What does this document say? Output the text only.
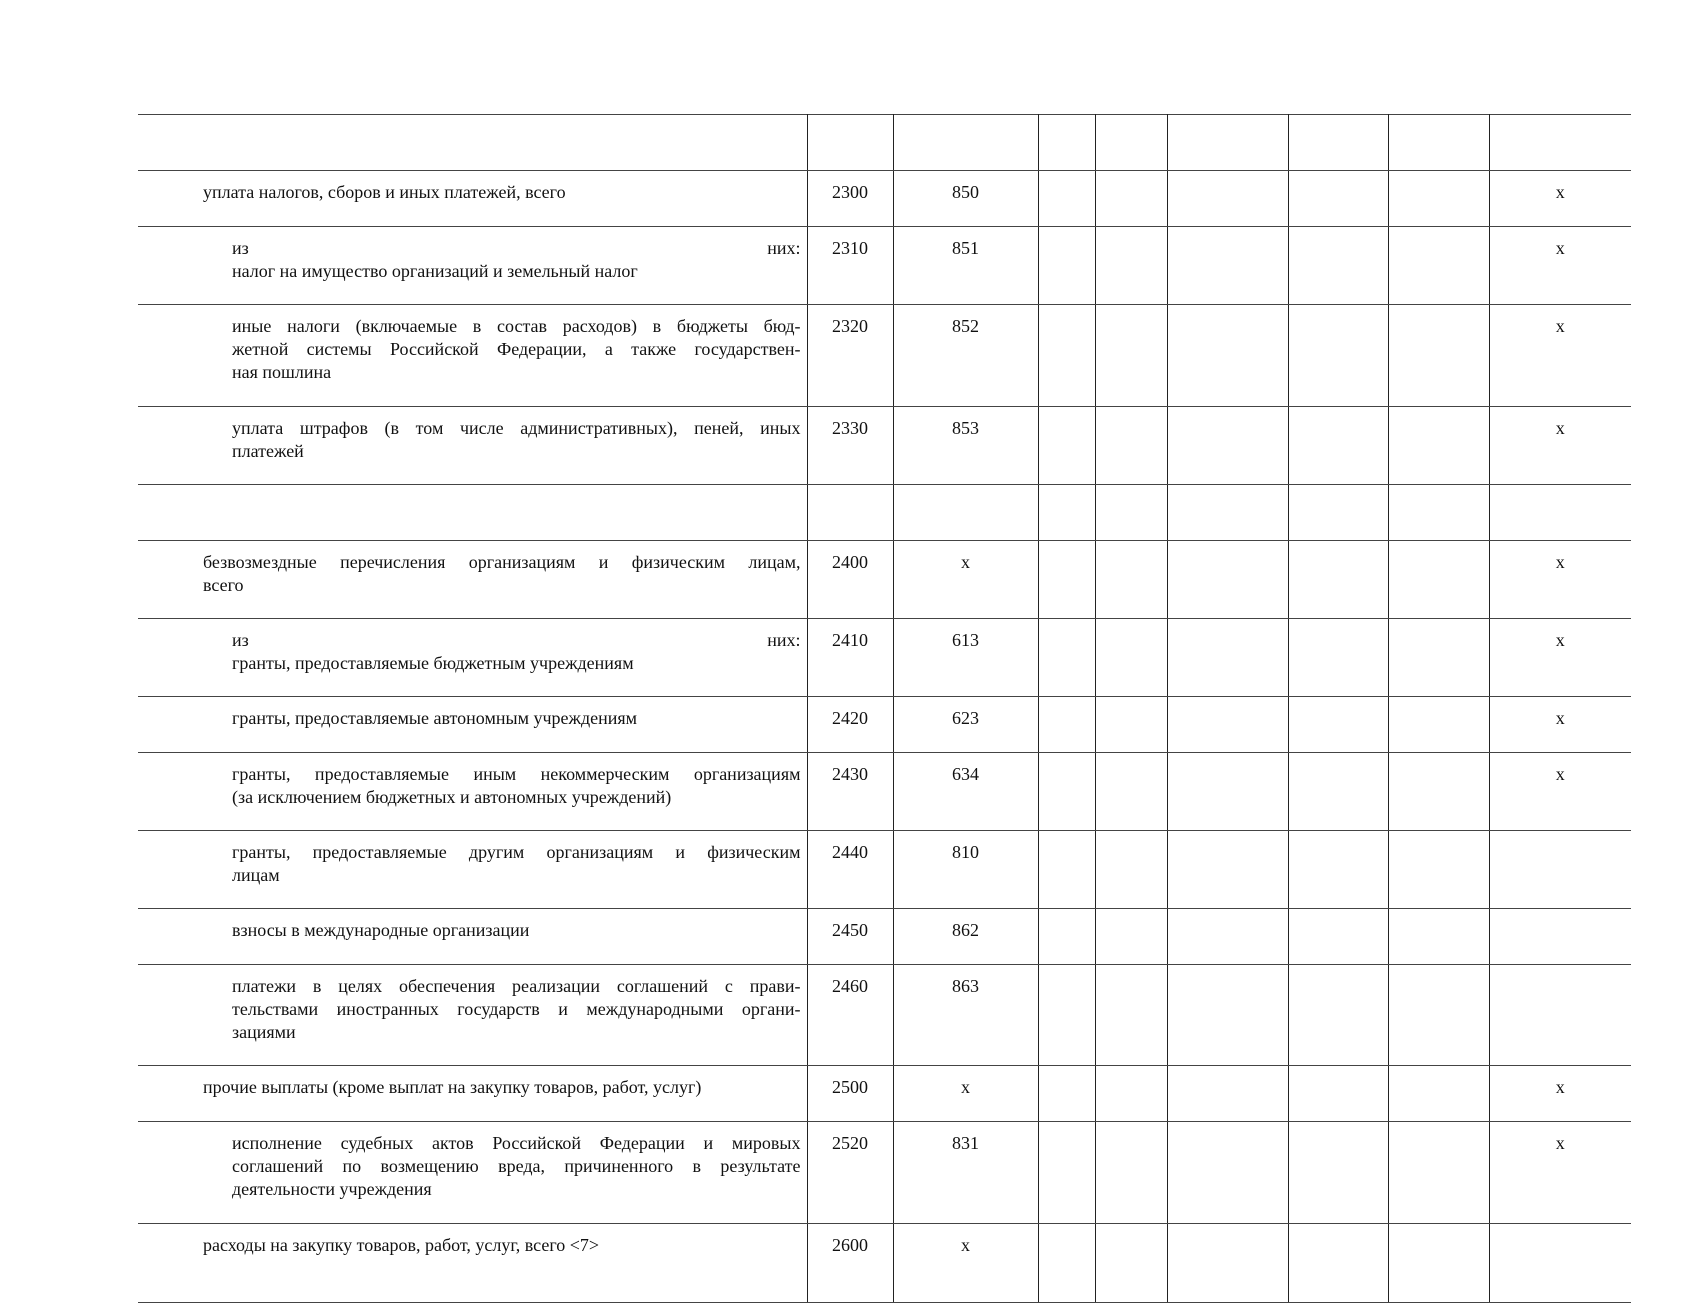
уплата налогов, сборов и иных платежей, всего	2300	850						x

из них:
налог на имущество организаций и земельный налог	2310	851						x

иные налоги (включаемые в состав расходов) в бюджеты бюд-
жетной системы Российской Федерации, а также государствен-
ная пошлина	2320	852						x

уплата штрафов (в том числе административных), пеней, иных
платежей	2330	853						x

безвозмездные перечисления организациям и физическим лицам,
всего	2400	x						x

из них:
гранты, предоставляемые бюджетным учреждениям	2410	613						x

гранты, предоставляемые автономным учреждениям	2420	623						x

гранты, предоставляемые иным некоммерческим организациям
(за исключением бюджетных и автономных учреждений)	2430	634						x

гранты, предоставляемые другим организациям и физическим
лицам	2440	810						

взносы в международные организации	2450	862						

платежи в целях обеспечения реализации соглашений с прави-
тельствами иностранных государств и международными органи-
зациями	2460	863						

прочие выплаты (кроме выплат на закупку товаров, работ, услуг)	2500	x						x

исполнение судебных актов Российской Федерации и мировых
соглашений по возмещению вреда, причиненного в результате
деятельности учреждения	2520	831						x

расходы на закупку товаров, работ, услуг, всего <7>	2600	x						
